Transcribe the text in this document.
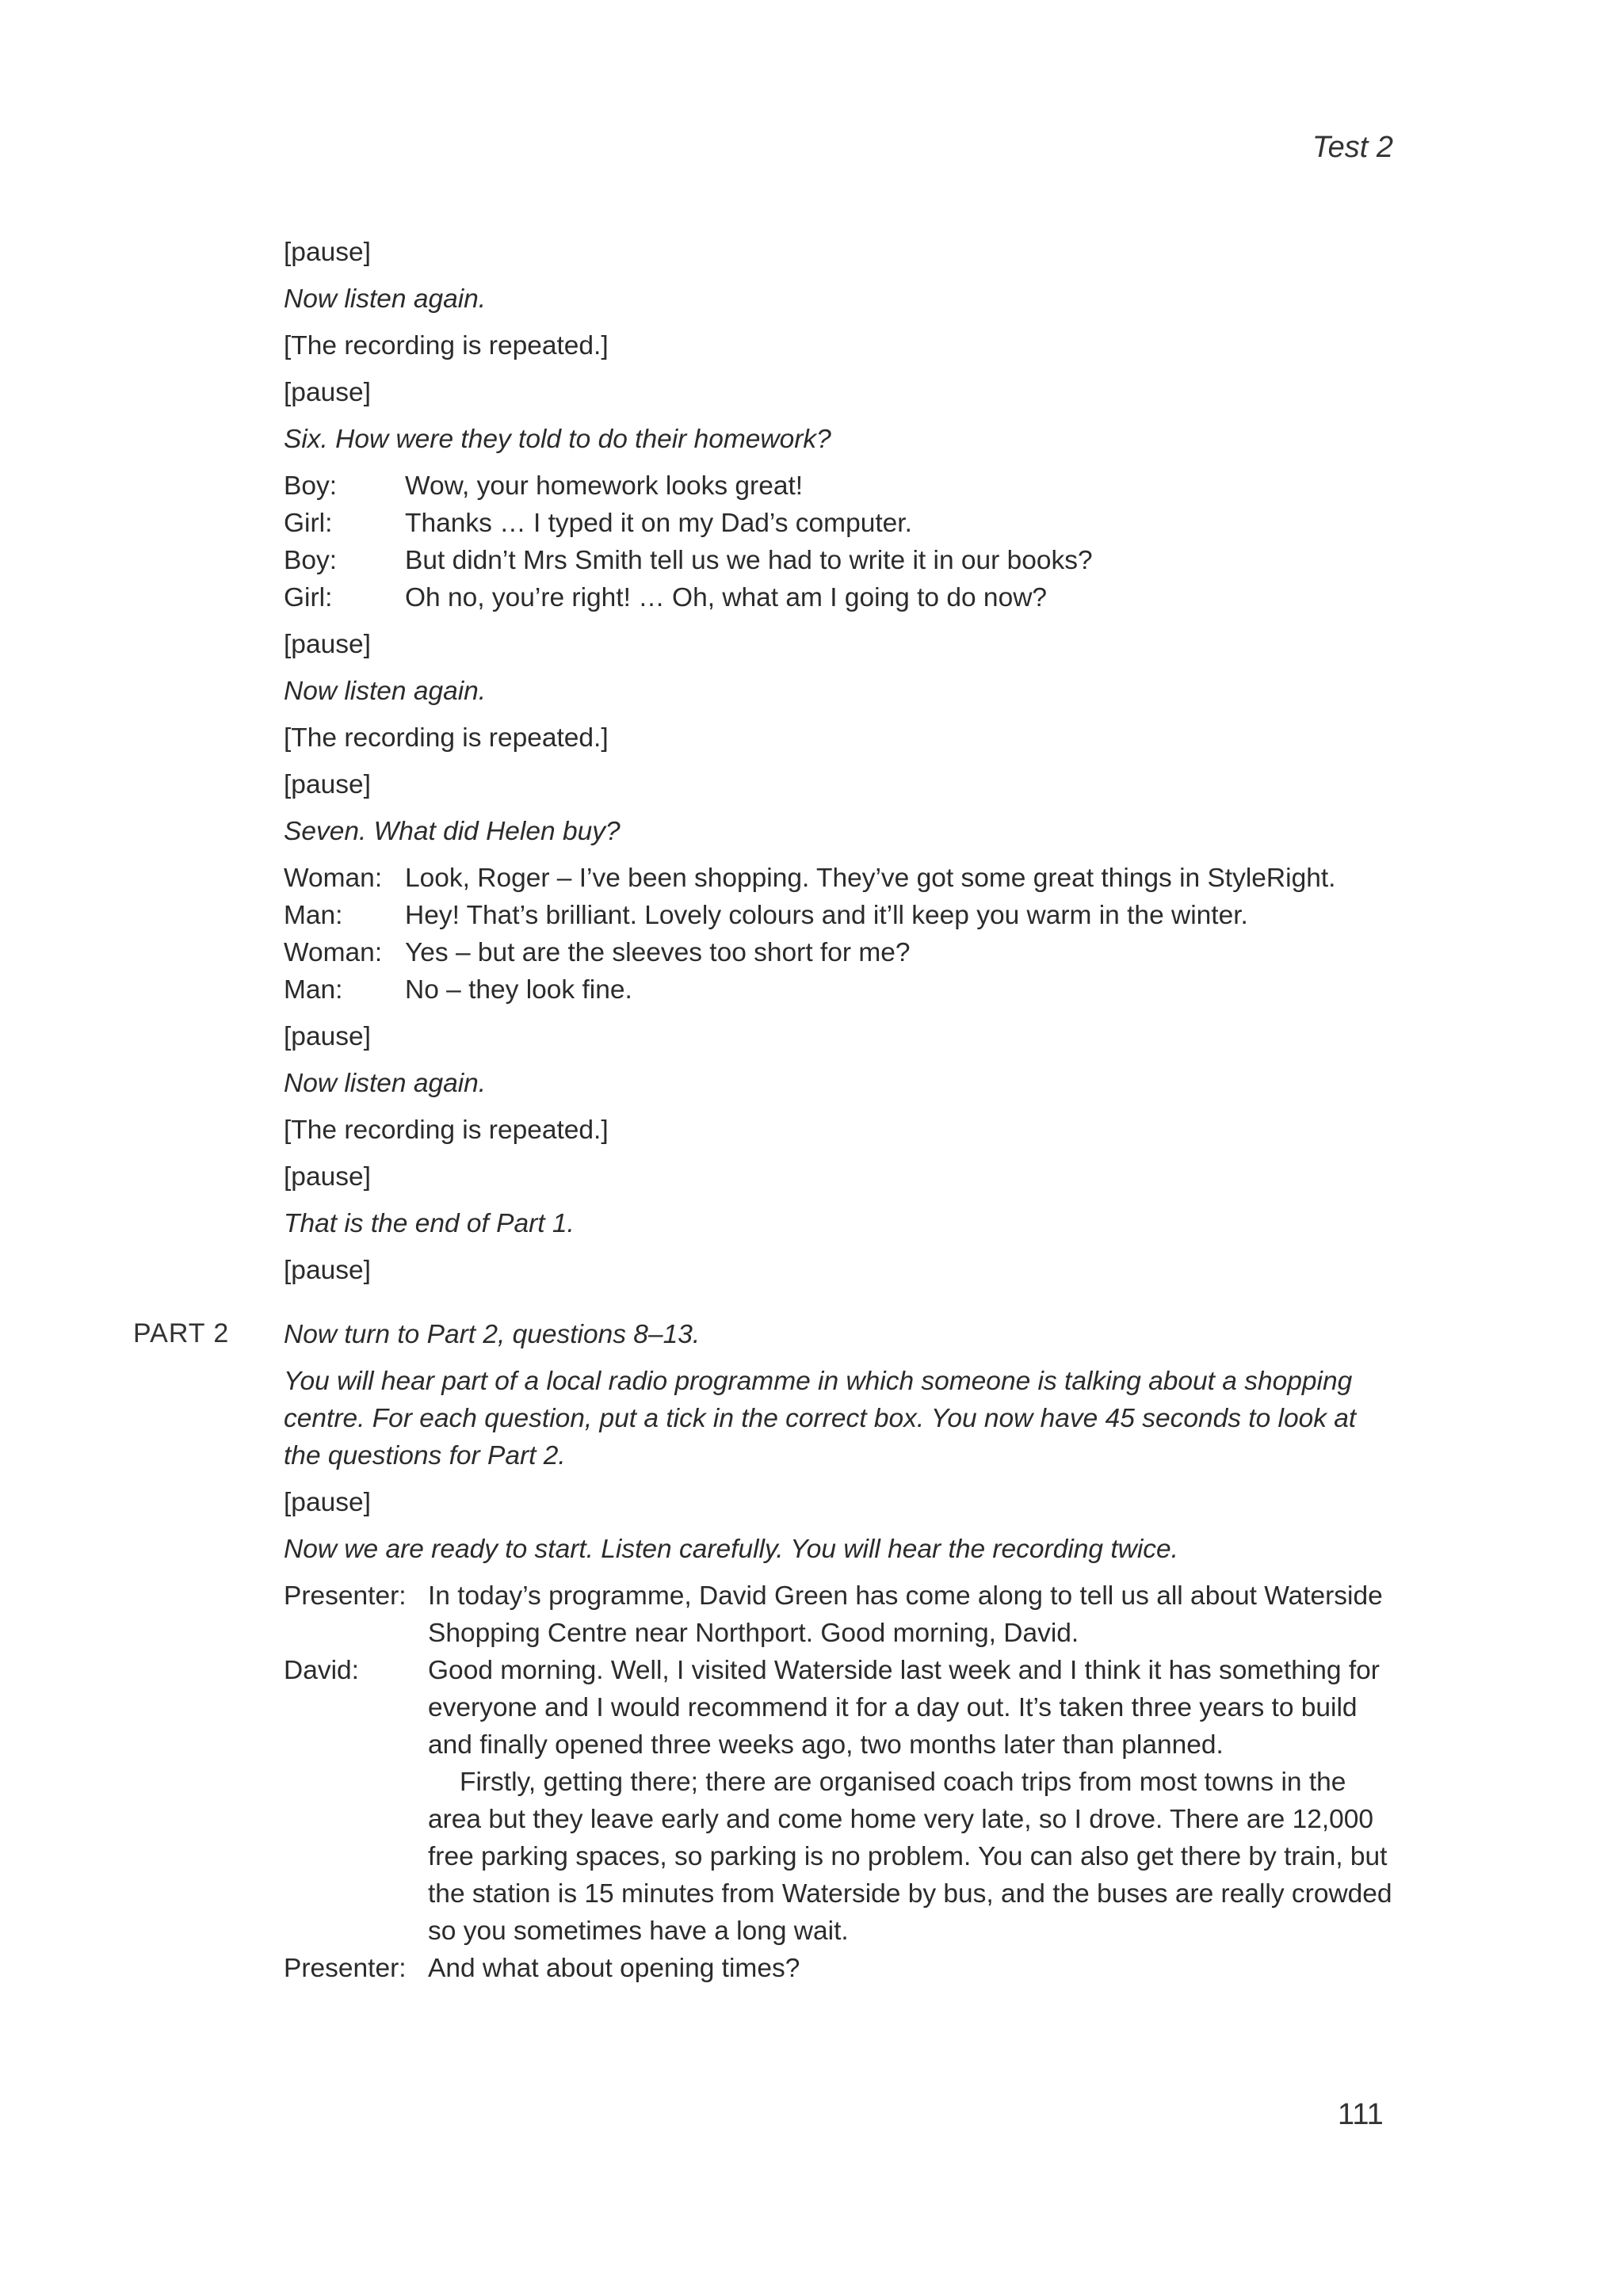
Test 2
[pause]
Now listen again.
[The recording is repeated.]
[pause]
Six. How were they told to do their homework?
Boy:	Wow, your homework looks great!
Girl:	Thanks … I typed it on my Dad’s computer.
Boy:	But didn’t Mrs Smith tell us we had to write it in our books?
Girl:	Oh no, you’re right! … Oh, what am I going to do now?
[pause]
Now listen again.
[The recording is repeated.]
[pause]
Seven. What did Helen buy?
Woman: Look, Roger – I’ve been shopping. They’ve got some great things in StyleRight.
Man:	Hey! That’s brilliant. Lovely colours and it’ll keep you warm in the winter.
Woman: Yes – but are the sleeves too short for me?
Man:	No – they look fine.
[pause]
Now listen again.
[The recording is repeated.]
[pause]
That is the end of Part 1.
[pause]
PART 2 Now turn to Part 2, questions 8–13.
You will hear part of a local radio programme in which someone is talking about a shopping centre. For each question, put a tick in the correct box. You now have 45 seconds to look at the questions for Part 2.
[pause]
Now we are ready to start. Listen carefully. You will hear the recording twice.
Presenter: In today’s programme, David Green has come along to tell us all about Waterside Shopping Centre near Northport. Good morning, David.
David:	Good morning. Well, I visited Waterside last week and I think it has something for everyone and I would recommend it for a day out. It’s taken three years to build and finally opened three weeks ago, two months later than planned.
Firstly, getting there; there are organised coach trips from most towns in the area but they leave early and come home very late, so I drove. There are 12,000 free parking spaces, so parking is no problem. You can also get there by train, but the station is 15 minutes from Waterside by bus, and the buses are really crowded so you sometimes have a long wait.
Presenter: And what about opening times?
111
